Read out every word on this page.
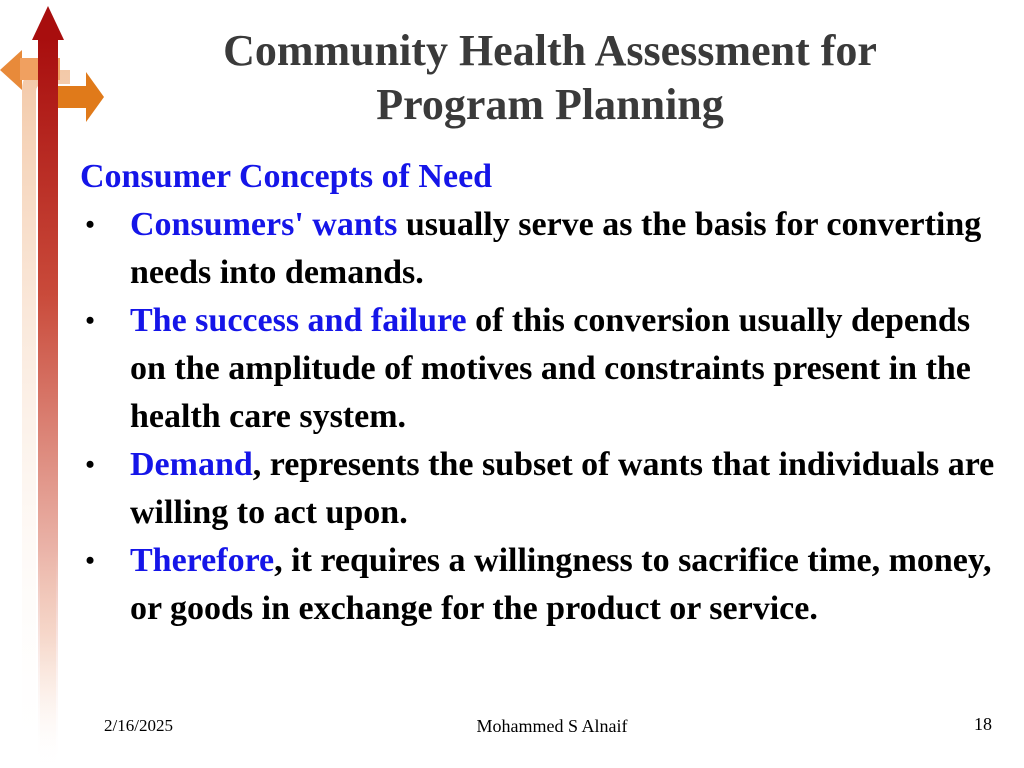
Community Health Assessment for
Program Planning
Consumer Concepts of Need
• Consumers' wants usually serve as the basis for converting needs into demands.
• The success and failure of this conversion usually depends on the amplitude of motives and constraints present in the health care system.
• Demand, represents the subset of wants that individuals are willing to act upon.
• Therefore, it requires a willingness to sacrifice time, money, or goods in exchange for the product or service.
2/16/2025	Mohammed S Alnaif	18
